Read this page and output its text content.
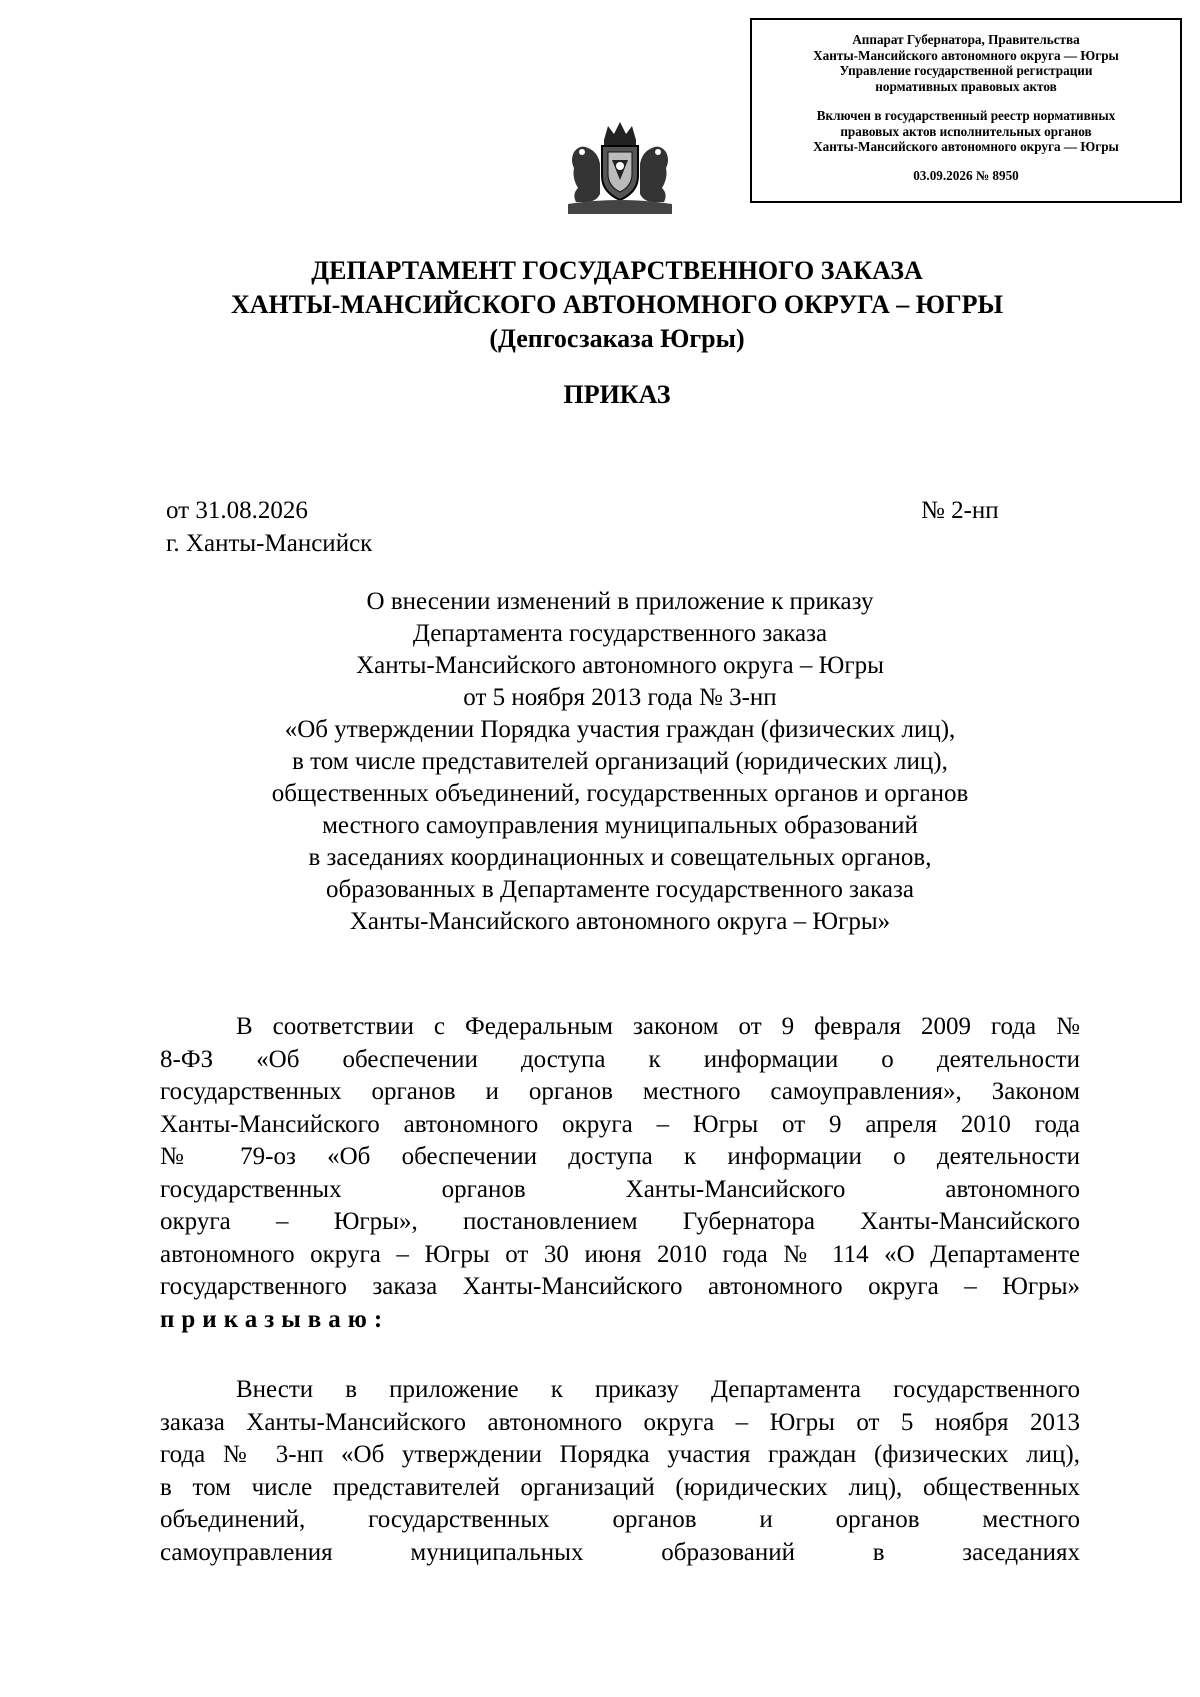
Аппарат Губернатора, Правительства
Ханты-Мансийского автономного округа — Югры
Управление государственной регистрации
нормативных правовых актов
Включен в государственный реестр нормативных
правовых актов исполнительных органов
Ханты-Мансийского автономного округа — Югры
03.09.2026 № 8950
ДЕПАРТАМЕНТ ГОСУДАРСТВЕННОГО ЗАКАЗА
ХАНТЫ-МАНСИЙСКОГО АВТОНОМНОГО ОКРУГА – ЮГРЫ
(Депгосзаказа Югры)
ПРИКАЗ
от 31.08.2026
г. Ханты-Мансийск
№ 2-нп
О внесении изменений в приложение к приказу
Департамента государственного заказа
Ханты-Мансийского автономного округа – Югры
от 5 ноября 2013 года № 3-нп
«Об утверждении Порядка участия граждан (физических лиц),
в том числе представителей организаций (юридических лиц),
общественных объединений, государственных органов и органов
местного самоуправления муниципальных образований
в заседаниях координационных и совещательных органов,
образованных в Департаменте государственного заказа
Ханты-Мансийского автономного округа – Югры»
В соответствии с Федеральным законом от 9 февраля 2009 года №
8-ФЗ «Об обеспечении доступа к информации о деятельности
государственных органов и органов местного самоуправления», Законом
Ханты-Мансийского автономного округа – Югры от 9 апреля 2010 года
№ 79-оз «Об обеспечении доступа к информации о деятельности
государственных органов Ханты-Мансийского автономного
округа – Югры», постановлением Губернатора Ханты-Мансийского
автономного округа – Югры от 30 июня 2010 года № 114 «О Департаменте
государственного заказа Ханты-Мансийского автономного округа – Югры»
приказываю:
Внести в приложение к приказу Департамента государственного
заказа Ханты-Мансийского автономного округа – Югры от 5 ноября 2013
года № 3-нп «Об утверждении Порядка участия граждан (физических лиц),
в том числе представителей организаций (юридических лиц), общественных
объединений, государственных органов и органов местного
самоуправления муниципальных образований в заседаниях
